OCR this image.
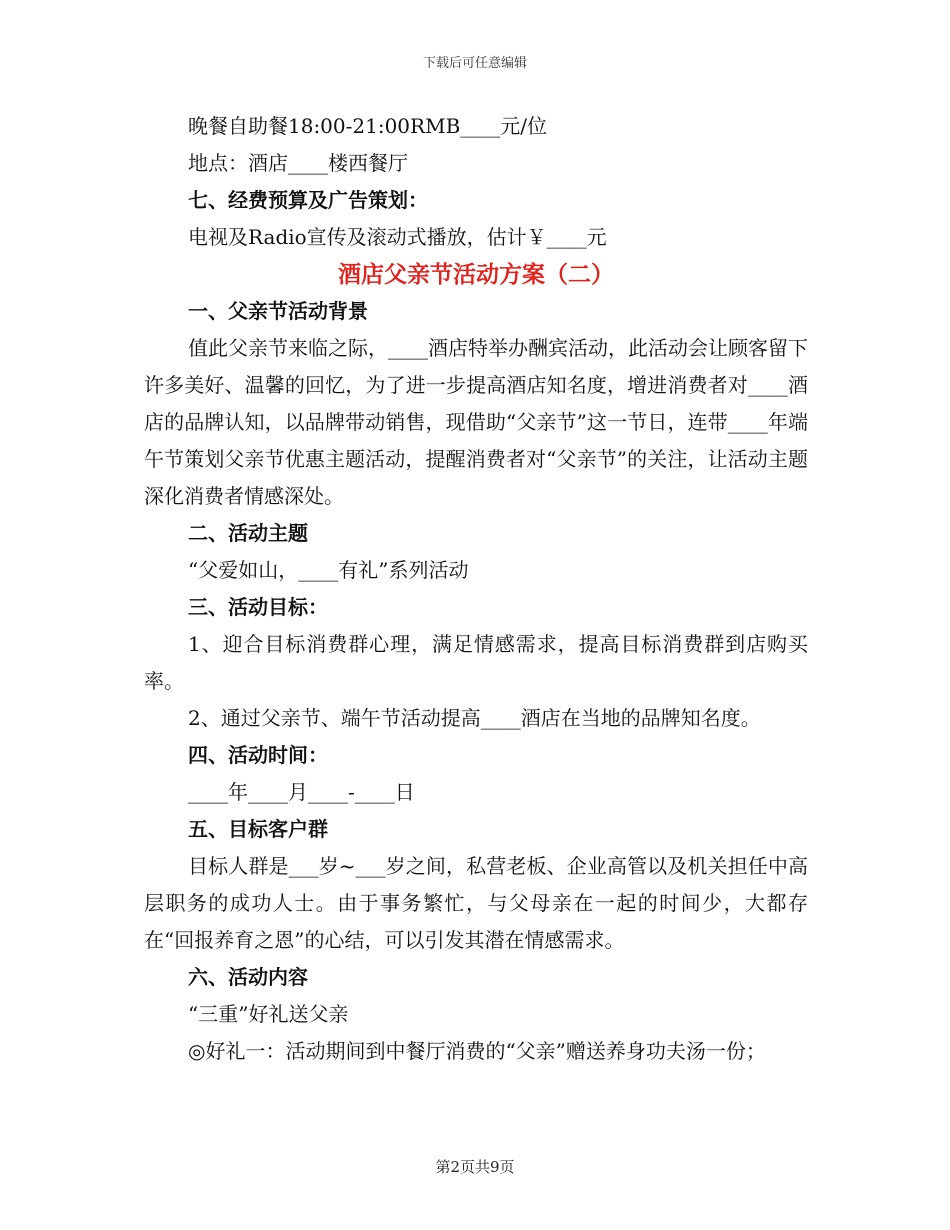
下载后可任意编辑

晚餐自助餐18:00-21:00RMB____元/位

地点：酒店____楼西餐厅

七、经费预算及广告策划：

电视及Radio宣传及滚动式播放，估计￥____元

酒店父亲节活动方案（二）

一、父亲节活动背景

值此父亲节来临之际，____酒店特举办酬宾活动，此活动会让顾客留下许多美好、温馨的回忆，为了进一步提高酒店知名度，增进消费者对____酒店的品牌认知，以品牌带动销售，现借助“父亲节”这一节日，连带____年端午节策划父亲节优惠主题活动，提醒消费者对“父亲节”的关注，让活动主题深化消费者情感深处。

二、活动主题

“父爱如山，____有礼”系列活动

三、活动目标：

1、迎合目标消费群心理，满足情感需求，提高目标消费群到店购买率。

2、通过父亲节、端午节活动提高____酒店在当地的品牌知名度。

四、活动时间：

____年____月____-____日

五、目标客户群

目标人群是___岁~___岁之间，私营老板、企业高管以及机关担任中高层职务的成功人士。由于事务繁忙，与父母亲在一起的时间少，大都存在“回报养育之恩”的心结，可以引发其潜在情感需求。

六、活动内容

“三重”好礼送父亲

◎好礼一：活动期间到中餐厅消费的“父亲”赠送养身功夫汤一份；

第2页共9页
